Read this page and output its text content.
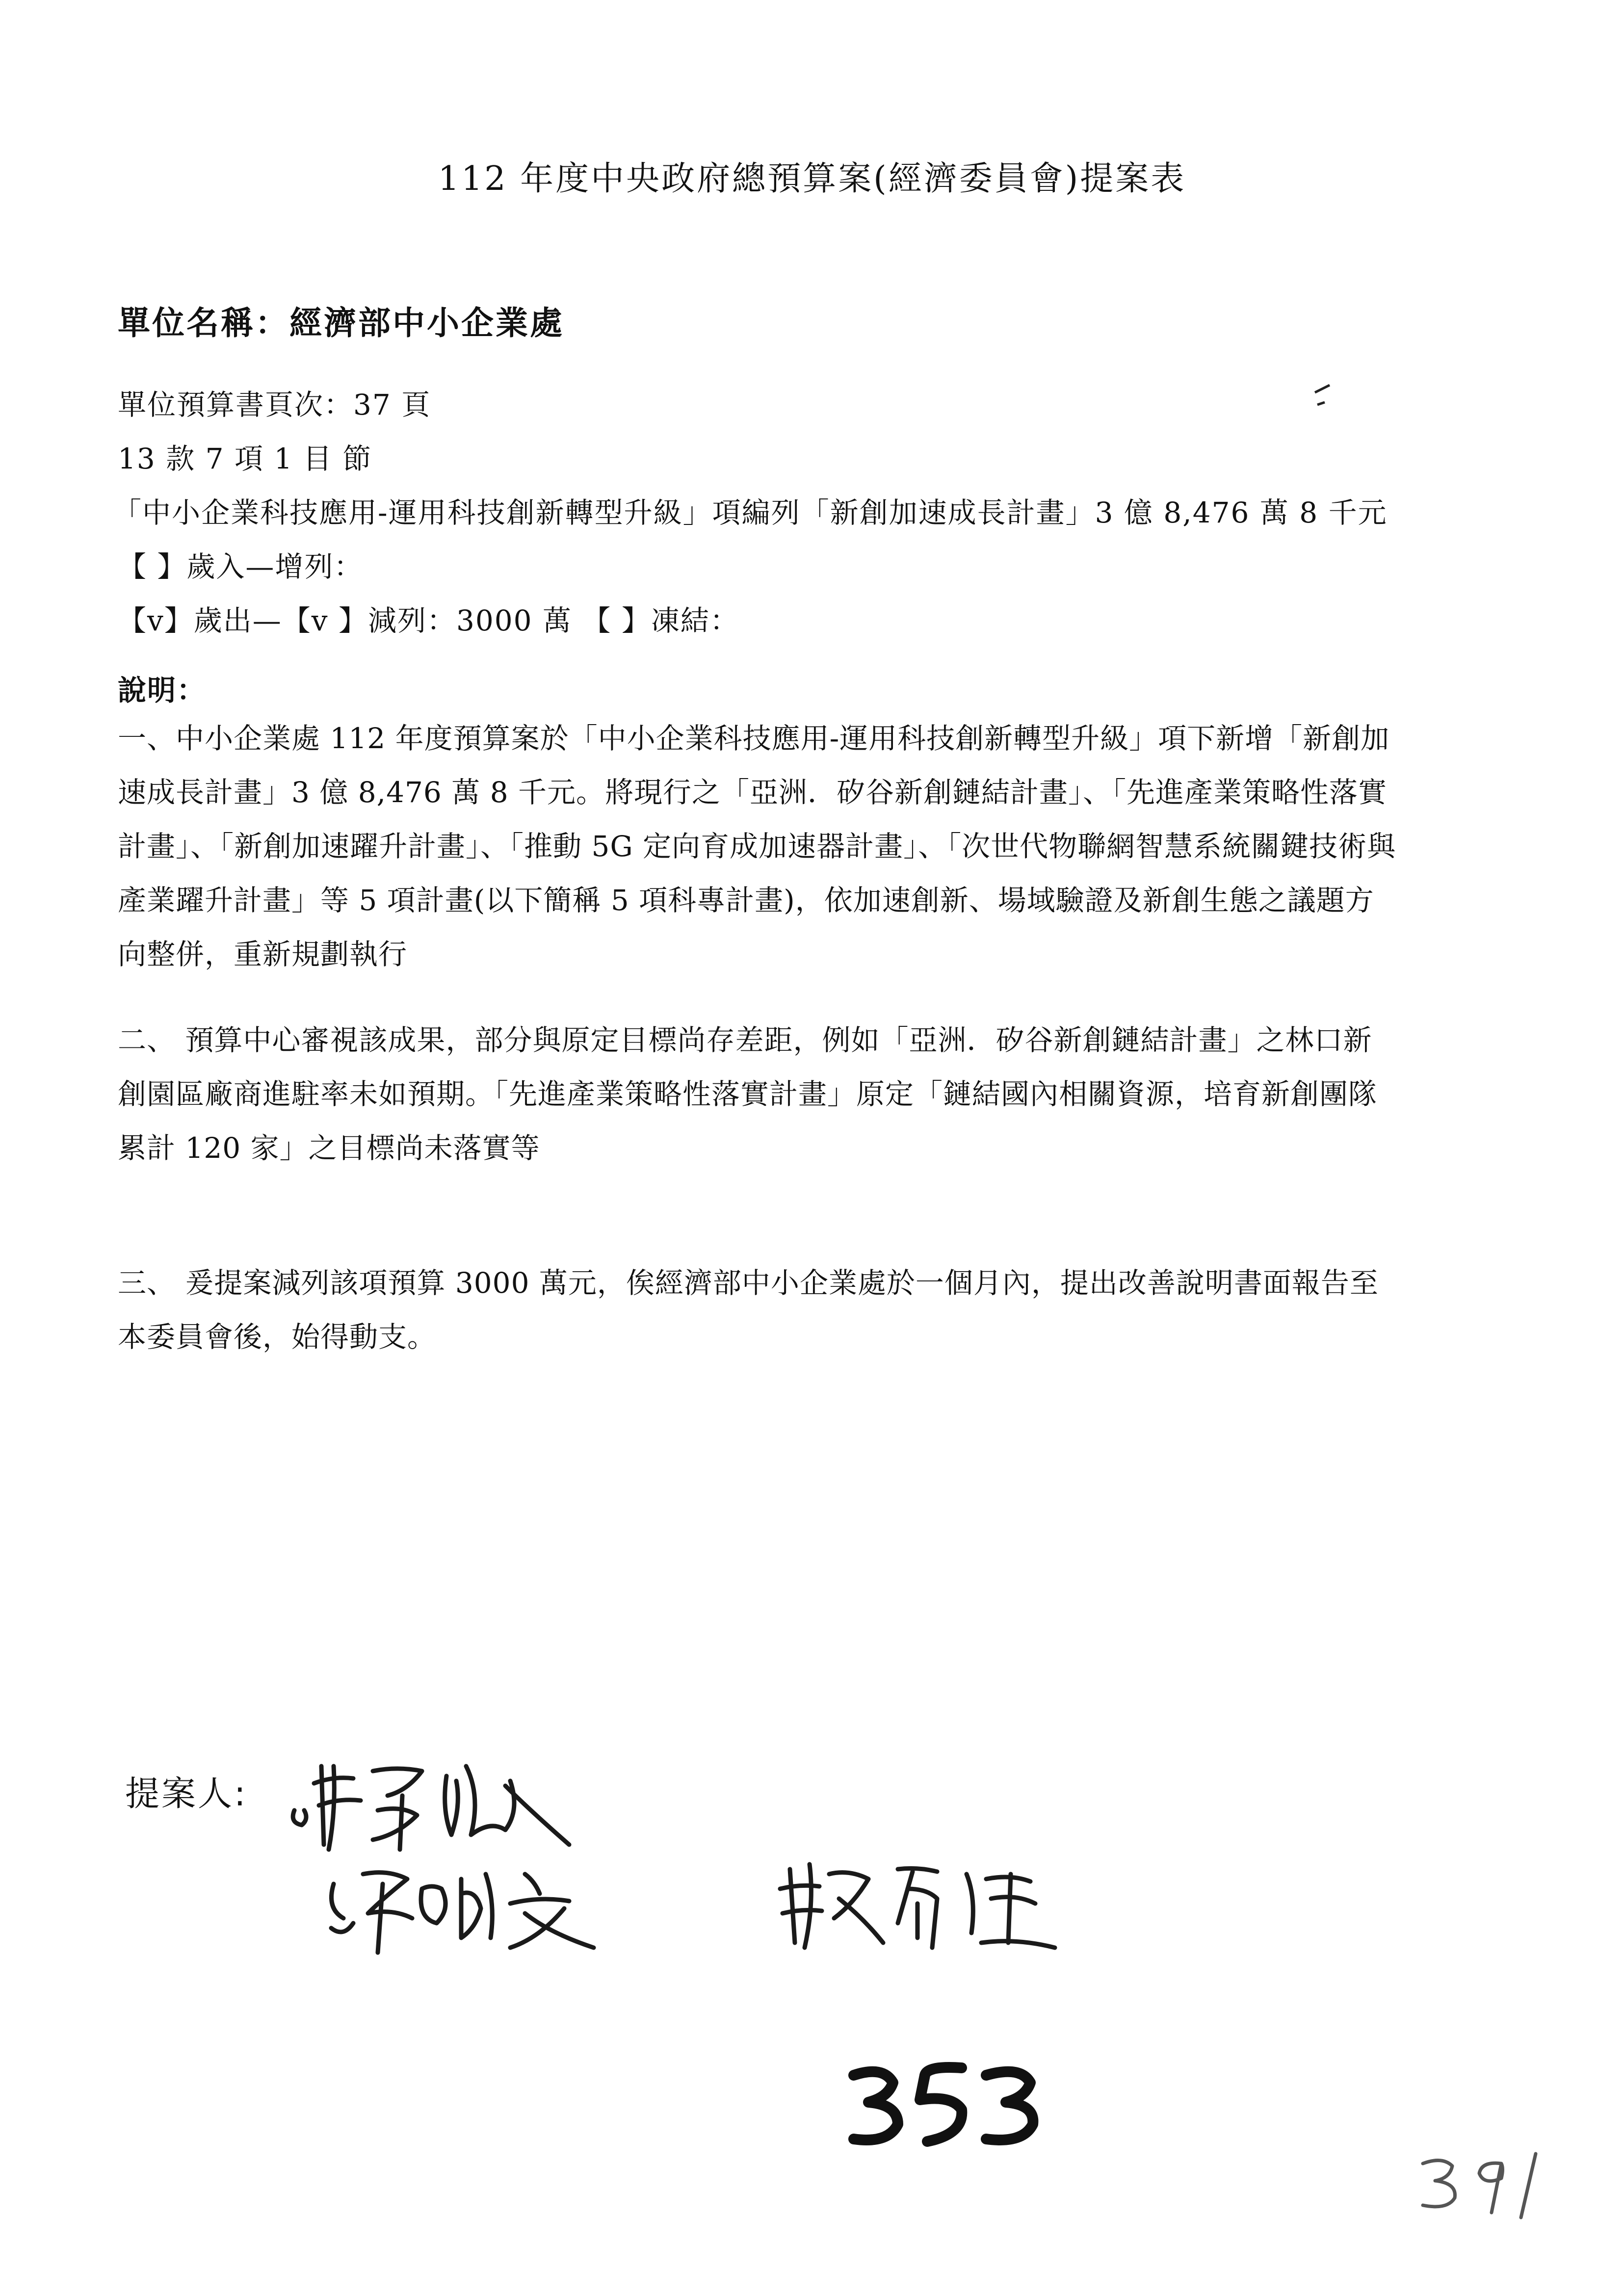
112 年度中央政府總預算案(經濟委員會)提案表
單位名稱：經濟部中小企業處
單位預算書頁次：37 頁
13 款 7 項 1 目 節
「中小企業科技應用-運用科技創新轉型升級」項編列「新創加速成長計畫」3 億 8,476 萬 8 千元
【 】歲入—增列：
【v】歲出—【v 】減列：3000 萬 【 】凍結：
說明：
一、中小企業處 112 年度預算案於「中小企業科技應用-運用科技創新轉型升級」項下新增「新創加
速成長計畫」3 億 8,476 萬 8 千元。將現行之「亞洲．矽谷新創鏈結計畫」、「先進產業策略性落實
計畫」、「新創加速躍升計畫」、「推動 5G 定向育成加速器計畫」、「次世代物聯網智慧系統關鍵技術與
產業躍升計畫」等 5 項計畫(以下簡稱 5 項科專計畫)，依加速創新、場域驗證及新創生態之議題方
向整併，重新規劃執行
二、 預算中心審視該成果，部分與原定目標尚存差距，例如「亞洲．矽谷新創鏈結計畫」之林口新
創園區廠商進駐率未如預期。「先進產業策略性落實計畫」原定「鏈結國內相關資源，培育新創團隊
累計 120 家」之目標尚未落實等
三、 爰提案減列該項預算 3000 萬元，俟經濟部中小企業處於一個月內，提出改善說明書面報告至
本委員會後，始得動支。
提案人:
